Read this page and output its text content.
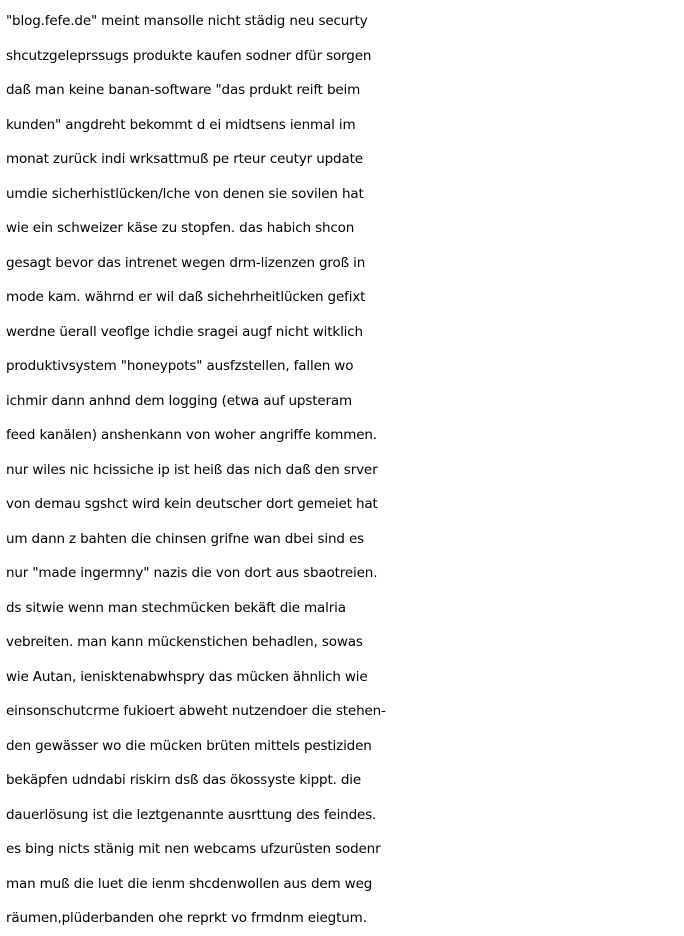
"blog.fefe.de" meint mansolle nicht städig neu securty
shcutzgeleprssugs produkte kaufen sodner dfür sorgen
daß man keine banan-software "das prdukt reift beim
kunden" angdreht bekommt d ei midtsens ienmal im
monat zurück indi wrksattmuß pe rteur ceutyr update
umdie sicherhistlücken/lche von denen sie sovilen hat
wie ein schweizer käse zu stopfen. das habich shcon
gesagt bevor das intrenet wegen drm-lizenzen groß in
mode kam. währnd er wil daß sichehrheitlücken gefixt
werdne üerall veoflge ichdie sragei augf nicht witklich
produktivsystem "honeypots" ausfzstellen, fallen wo
ichmir dann anhnd dem logging (etwa auf upsteram
feed kanälen) anshenkann von woher angriffe kommen.
nur wiles nic hcissiche ip ist heiß das nich daß den srver
von demau sgshct wird kein deutscher dort gemeiet hat
um dann z bahten die chinsen grifne wan dbei sind es
nur "made ingermny" nazis die von dort aus sbaotreien.
ds sitwie wenn man stechmücken bekäft die malria
vebreiten. man kann mückenstichen behadlen, sowas
wie Autan, ienisktenabwhspry das mücken ähnlich wie
einsonschutcrme fukioert abweht nutzendoer die stehen-
den gewässer wo die mücken brüten mittels pestiziden
bekäpfen udndabi riskirn dsß das ökossyste kippt. die
dauerlösung ist die leztgenannte ausrttung des feindes.
es bing nicts stänig mit nen webcams ufzurüsten sodenr
man muß die luet die ienm shcdenwollen aus dem weg
räumen,plüderbanden ohe reprkt vo frmdnm eiegtum.
